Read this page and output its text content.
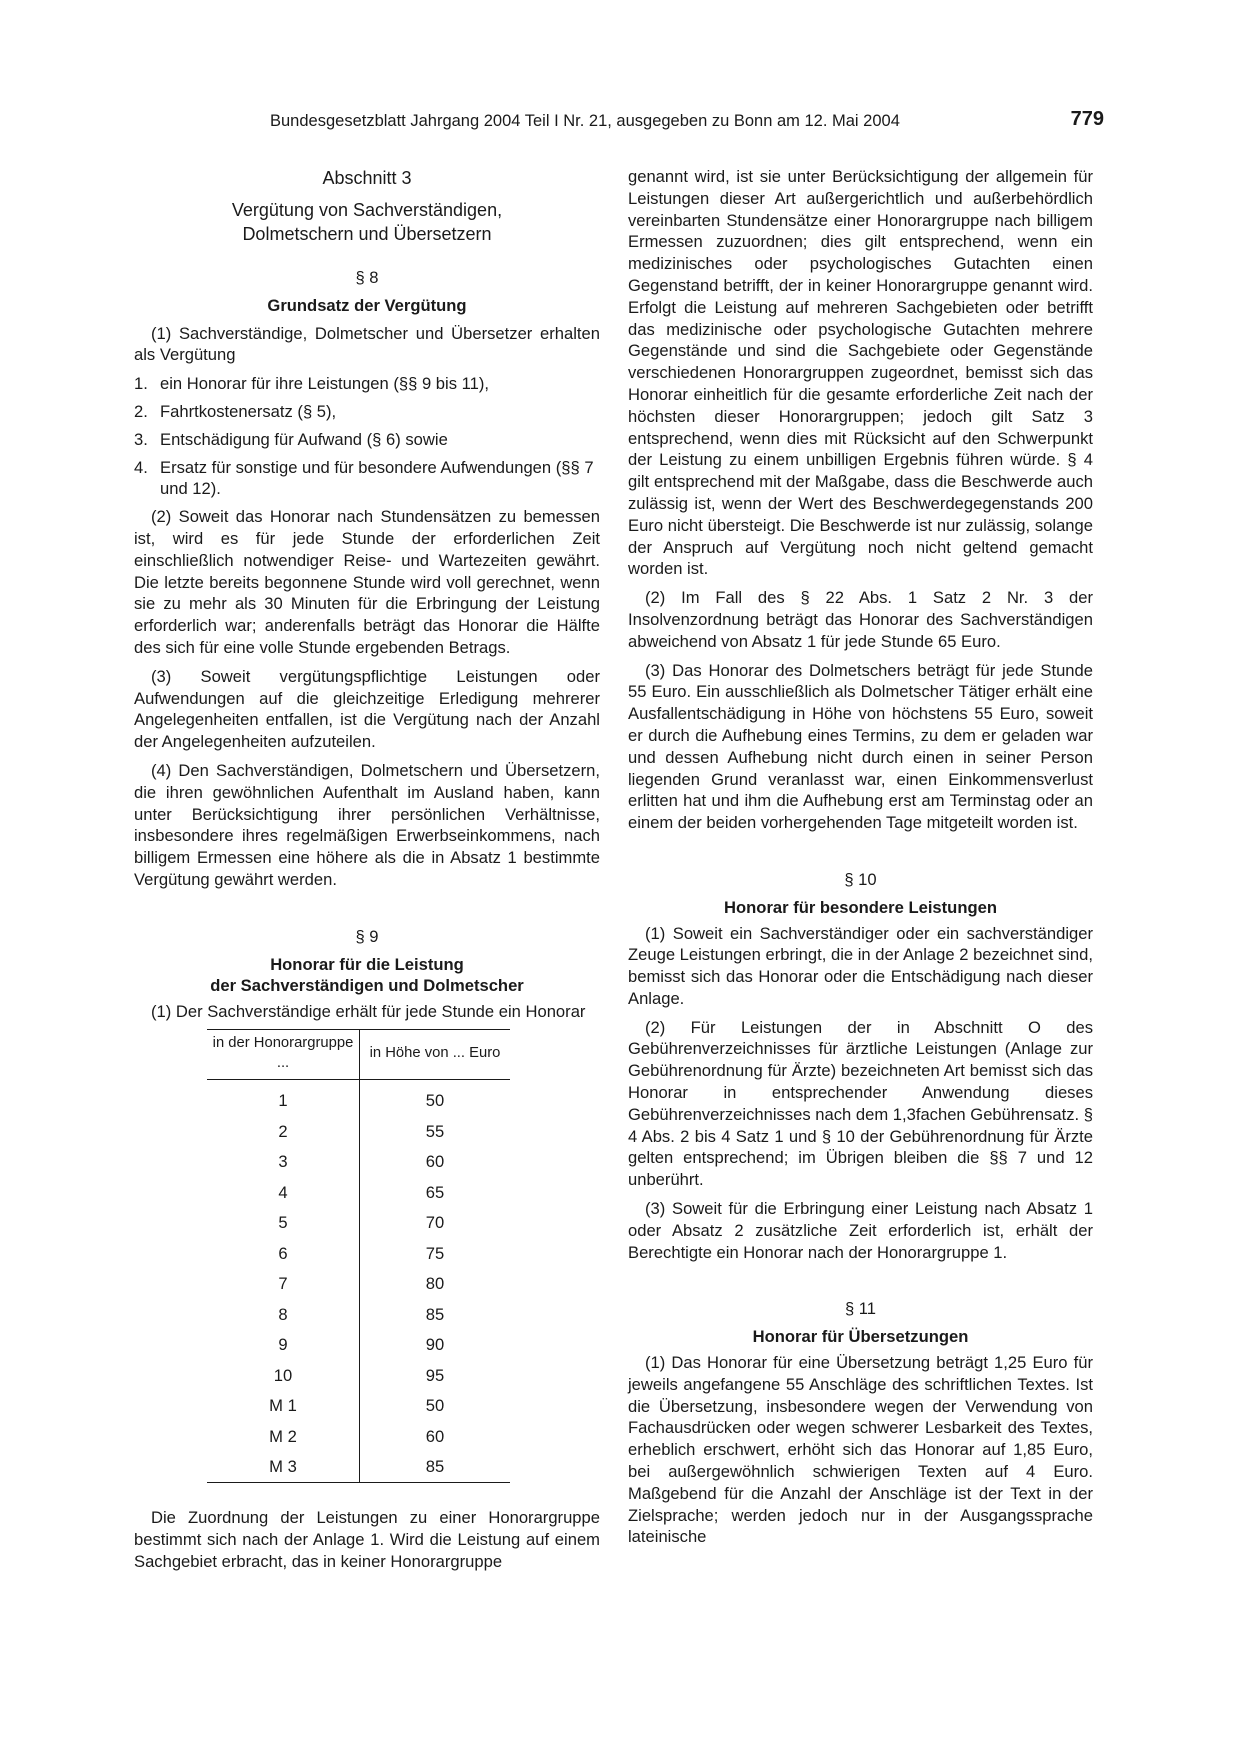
Bundesgesetzblatt Jahrgang 2004 Teil I Nr. 21, ausgegeben zu Bonn am 12. Mai 2004	779
Abschnitt 3
Vergütung von Sachverständigen,
Dolmetschern und Übersetzern
§ 8
Grundsatz der Vergütung

(1) Sachverständige, Dolmetscher und Übersetzer erhalten als Vergütung

1. ein Honorar für ihre Leistungen (§§ 9 bis 11),
2. Fahrtkostenersatz (§ 5),
3. Entschädigung für Aufwand (§ 6) sowie
4. Ersatz für sonstige und für besondere Aufwendungen (§§ 7 und 12).

(2) Soweit das Honorar nach Stundensätzen zu bemessen ist, wird es für jede Stunde der erforderlichen Zeit einschließlich notwendiger Reise- und Wartezeiten gewährt. Die letzte bereits begonnene Stunde wird voll gerechnet, wenn sie zu mehr als 30 Minuten für die Erbringung der Leistung erforderlich war; anderenfalls beträgt das Honorar die Hälfte des sich für eine volle Stunde ergebenden Betrags.

(3) Soweit vergütungspflichtige Leistungen oder Aufwendungen auf die gleichzeitige Erledigung mehrerer Angelegenheiten entfallen, ist die Vergütung nach der Anzahl der Angelegenheiten aufzuteilen.

(4) Den Sachverständigen, Dolmetschern und Übersetzern, die ihren gewöhnlichen Aufenthalt im Ausland haben, kann unter Berücksichtigung ihrer persönlichen Verhältnisse, insbesondere ihres regelmäßigen Erwerbseinkommens, nach billigem Ermessen eine höhere als die in Absatz 1 bestimmte Vergütung gewährt werden.

§ 9
Honorar für die Leistung
der Sachverständigen und Dolmetscher

(1) Der Sachverständige erhält für jede Stunde ein Honorar

in der Honorargruppe ...	in Höhe von ... Euro
1	50
2	55
3	60
4	65
5	70
6	75
7	80
8	85
9	90
10	95
M 1	50
M 2	60
M 3	85

Die Zuordnung der Leistungen zu einer Honorargruppe bestimmt sich nach der Anlage 1. Wird die Leistung auf einem Sachgebiet erbracht, das in keiner Honorargruppe

genannt wird, ist sie unter Berücksichtigung der allgemein für Leistungen dieser Art außergerichtlich und außerbehördlich vereinbarten Stundensätze einer Honorargruppe nach billigem Ermessen zuzuordnen; dies gilt entsprechend, wenn ein medizinisches oder psychologisches Gutachten einen Gegenstand betrifft, der in keiner Honorargruppe genannt wird. Erfolgt die Leistung auf mehreren Sachgebieten oder betrifft das medizinische oder psychologische Gutachten mehrere Gegenstände und sind die Sachgebiete oder Gegenstände verschiedenen Honorargruppen zugeordnet, bemisst sich das Honorar einheitlich für die gesamte erforderliche Zeit nach der höchsten dieser Honorargruppen; jedoch gilt Satz 3 entsprechend, wenn dies mit Rücksicht auf den Schwerpunkt der Leistung zu einem unbilligen Ergebnis führen würde. § 4 gilt entsprechend mit der Maßgabe, dass die Beschwerde auch zulässig ist, wenn der Wert des Beschwerdegegenstands 200 Euro nicht übersteigt. Die Beschwerde ist nur zulässig, solange der Anspruch auf Vergütung noch nicht geltend gemacht worden ist.

(2) Im Fall des § 22 Abs. 1 Satz 2 Nr. 3 der Insolvenzordnung beträgt das Honorar des Sachverständigen abweichend von Absatz 1 für jede Stunde 65 Euro.

(3) Das Honorar des Dolmetschers beträgt für jede Stunde 55 Euro. Ein ausschließlich als Dolmetscher Tätiger erhält eine Ausfallentschädigung in Höhe von höchstens 55 Euro, soweit er durch die Aufhebung eines Termins, zu dem er geladen war und dessen Aufhebung nicht durch einen in seiner Person liegenden Grund veranlasst war, einen Einkommensverlust erlitten hat und ihm die Aufhebung erst am Terminstag oder an einem der beiden vorhergehenden Tage mitgeteilt worden ist.

§ 10
Honorar für besondere Leistungen

(1) Soweit ein Sachverständiger oder ein sachverständiger Zeuge Leistungen erbringt, die in der Anlage 2 bezeichnet sind, bemisst sich das Honorar oder die Entschädigung nach dieser Anlage.

(2) Für Leistungen der in Abschnitt O des Gebührenverzeichnisses für ärztliche Leistungen (Anlage zur Gebührenordnung für Ärzte) bezeichneten Art bemisst sich das Honorar in entsprechender Anwendung dieses Gebührenverzeichnisses nach dem 1,3fachen Gebührensatz. § 4 Abs. 2 bis 4 Satz 1 und § 10 der Gebührenordnung für Ärzte gelten entsprechend; im Übrigen bleiben die §§ 7 und 12 unberührt.

(3) Soweit für die Erbringung einer Leistung nach Absatz 1 oder Absatz 2 zusätzliche Zeit erforderlich ist, erhält der Berechtigte ein Honorar nach der Honorargruppe 1.

§ 11
Honorar für Übersetzungen

(1) Das Honorar für eine Übersetzung beträgt 1,25 Euro für jeweils angefangene 55 Anschläge des schriftlichen Textes. Ist die Übersetzung, insbesondere wegen der Verwendung von Fachausdrücken oder wegen schwerer Lesbarkeit des Textes, erheblich erschwert, erhöht sich das Honorar auf 1,85 Euro, bei außergewöhnlich schwierigen Texten auf 4 Euro. Maßgebend für die Anzahl der Anschläge ist der Text in der Zielsprache; werden jedoch nur in der Ausgangssprache lateinische
